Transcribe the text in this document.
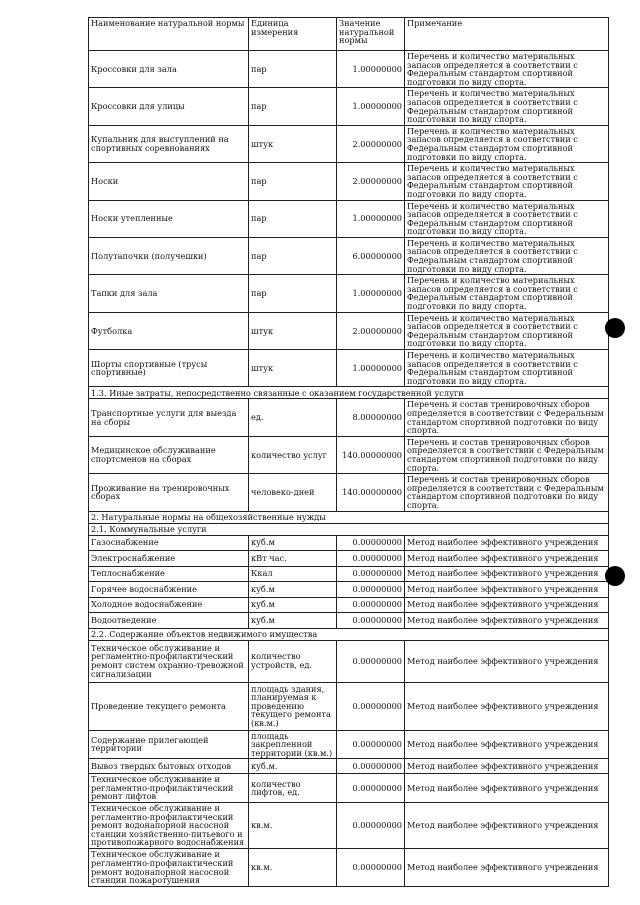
Наименование натуральной нормы	Единица измерения	Значение натуральной нормы	Примечание
Кроссовки для зала	пар	1.00000000	Перечень и количество материальных запасов определяется в соответствии с Федеральным стандартом спортивной подготовки по виду спорта.
Кроссовки для улицы	пар	1.00000000	Перечень и количество материальных запасов определяется в соответствии с Федеральным стандартом спортивной подготовки по виду спорта.
Купальник для выступлений на спортивных соревнованиях	штук	2.00000000	Перечень и количество материальных запасов определяется в соответствии с Федеральным стандартом спортивной подготовки по виду спорта.
Носки	пар	2.00000000	Перечень и количество материальных запасов определяется в соответствии с Федеральным стандартом спортивной подготовки по виду спорта.
Носки утепленные	пар	1.00000000	Перечень и количество материальных запасов определяется в соответствии с Федеральным стандартом спортивной подготовки по виду спорта.
Полутапочки (получешки)	пар	6.00000000	Перечень и количество материальных запасов определяется в соответствии с Федеральным стандартом спортивной подготовки по виду спорта.
Тапки для зала	пар	1.00000000	Перечень и количество материальных запасов определяется в соответствии с Федеральным стандартом спортивной подготовки по виду спорта.
Футболка	штук	2.00000000	Перечень и количество материальных запасов определяется в соответствии с Федеральным стандартом спортивной подготовки по виду спорта.
Шорты спортивные (трусы спортивные)	штук	1.00000000	Перечень и количество материальных запасов определяется в соответствии с Федеральным стандартом спортивной подготовки по виду спорта.
1.3. Иные затраты, непосредственно связанные с оказанием государственной услуги			
Транспортные услуги для выезда на сборы	ед.	8.00000000	Перечень и состав тренировочных сборов определяется в соответствии с Федеральным стандартом спортивной подготовки по виду спорта.
Медицинское обслуживание спортсменов на сборах	количество услуг	140.00000000	Перечень и состав тренировочных сборов определяется в соответствии с Федеральным стандартом спортивной подготовки по виду спорта.
Проживание на тренировочных сборах	человеко-дней	140.00000000	Перечень и состав тренировочных сборов определяется в соответствии с Федеральным стандартом спортивной подготовки по виду спорта.
2. Натуральные нормы на общехозяйственные нужды			
2.1. Коммунальные услуги			
Газоснабжение	куб.м	0.00000000	Метод наиболее эффективного учреждения
Электроснабжение	кВт час.	0.00000000	Метод наиболее эффективного учреждения
Теплоснабжение	Ккал	0.00000000	Метод наиболее эффективного учреждения
Горячее водоснабжение	куб.м	0.00000000	Метод наиболее эффективного учреждения
Холодное водоснабжение	куб.м	0.00000000	Метод наиболее эффективного учреждения
Водоотведение	куб.м	0.00000000	Метод наиболее эффективного учреждения
2.2. Содержание объектов недвижимого имущества			
Техническое обслуживание и регламентно-профилактический ремонт систем охранно-тревожной сигнализации	количество устройств, ед.	0.00000000	Метод наиболее эффективного учреждения
Проведение текущего ремонта	площадь здания, планируемая к проведению текущего ремонта (кв.м.)	0.00000000	Метод наиболее эффективного учреждения
Содержание прилегающей территории	площадь закрепленной территории (кв.м.)	0.00000000	Метод наиболее эффективного учреждения
Вывоз твердых бытовых отходов	куб.м.	0.00000000	Метод наиболее эффективного учреждения
Техническое обслуживание и регламентно-профилактический ремонт лифтов	количество лифтов, ед.	0.00000000	Метод наиболее эффективного учреждения
Техническое обслуживание и регламентно-профилактический ремонт водонапорной насосной станции хозяйственно-питьевого и противопожарного водоснабжения	кв.м.	0.00000000	Метод наиболее эффективного учреждения
Техническое обслуживание и регламентно-профилактический ремонт водонапорной насосной станции пожаротушения	кв.м.	0.00000000	Метод наиболее эффективного учреждения
